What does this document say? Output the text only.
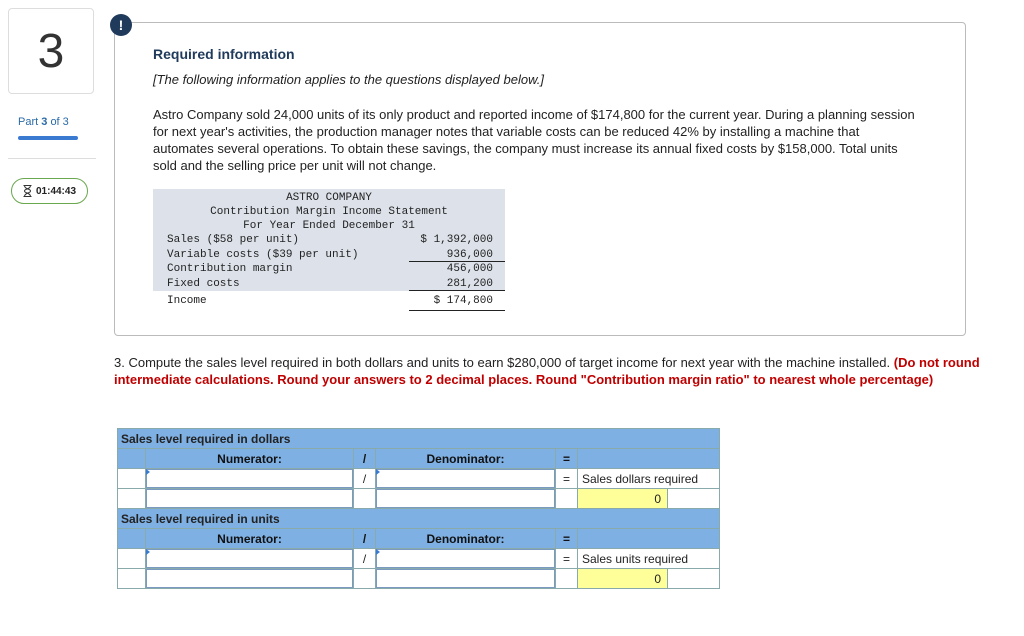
3
Part 3 of 3
01:44:43
!
Required information
[The following information applies to the questions displayed below.]
Astro Company sold 24,000 units of its only product and reported income of $174,800 for the current year. During a planning session for next year's activities, the production manager notes that variable costs can be reduced 42% by installing a machine that automates several operations. To obtain these savings, the company must increase its annual fixed costs by $158,000. Total units sold and the selling price per unit will not change.
ASTRO COMPANY
Contribution Margin Income Statement
For Year Ended December 31
Sales ($58 per unit)	$ 1,392,000
Variable costs ($39 per unit)	936,000
Contribution margin	456,000
Fixed costs	281,200
Income	$ 174,800
3. Compute the sales level required in both dollars and units to earn $280,000 of target income for next year with the machine installed. (Do not round intermediate calculations. Round your answers to 2 decimal places. Round "Contribution margin ratio" to nearest whole percentage)
Sales level required in dollars						
	Numerator:	/	Denominator:	=		

	/		=	Sales dollars required	
					0	
Sales level required in units						
	Numerator:	/	Denominator:	=		

	/		=	Sales units required	
					0	
